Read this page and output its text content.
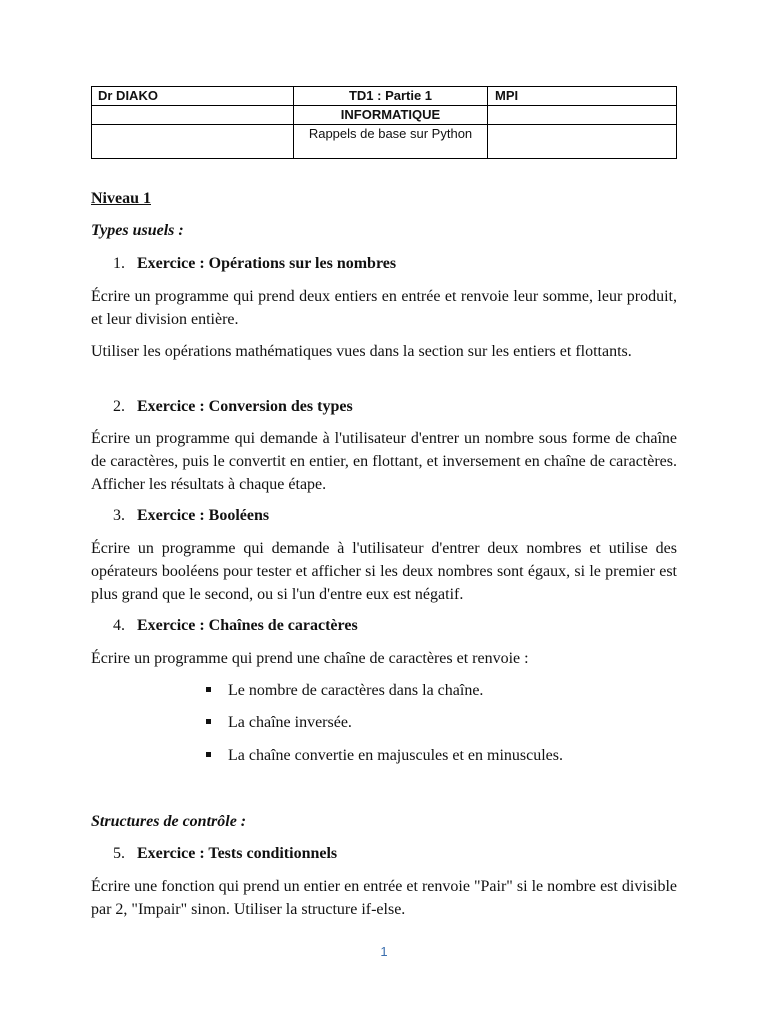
Dr DIAKO	TD1 : Partie 1	MPI
	INFORMATIQUE	
	Rappels de base sur Python	

Niveau 1

Types usuels :

1. Exercice : Opérations sur les nombres

Écrire un programme qui prend deux entiers en entrée et renvoie leur somme, leur produit, et leur division entière.

Utiliser les opérations mathématiques vues dans la section sur les entiers et flottants.

2. Exercice : Conversion des types

Écrire un programme qui demande à l'utilisateur d'entrer un nombre sous forme de chaîne de caractères, puis le convertit en entier, en flottant, et inversement en chaîne de caractères. Afficher les résultats à chaque étape.

3. Exercice : Booléens

Écrire un programme qui demande à l'utilisateur d'entrer deux nombres et utilise des opérateurs booléens pour tester et afficher si les deux nombres sont égaux, si le premier est plus grand que le second, ou si l'un d'entre eux est négatif.

4. Exercice : Chaînes de caractères

Écrire un programme qui prend une chaîne de caractères et renvoie :

Le nombre de caractères dans la chaîne.
La chaîne inversée.
La chaîne convertie en majuscules et en minuscules.

Structures de contrôle :

5. Exercice : Tests conditionnels

Écrire une fonction qui prend un entier en entrée et renvoie "Pair" si le nombre est divisible par 2, "Impair" sinon. Utiliser la structure if-else.

1
